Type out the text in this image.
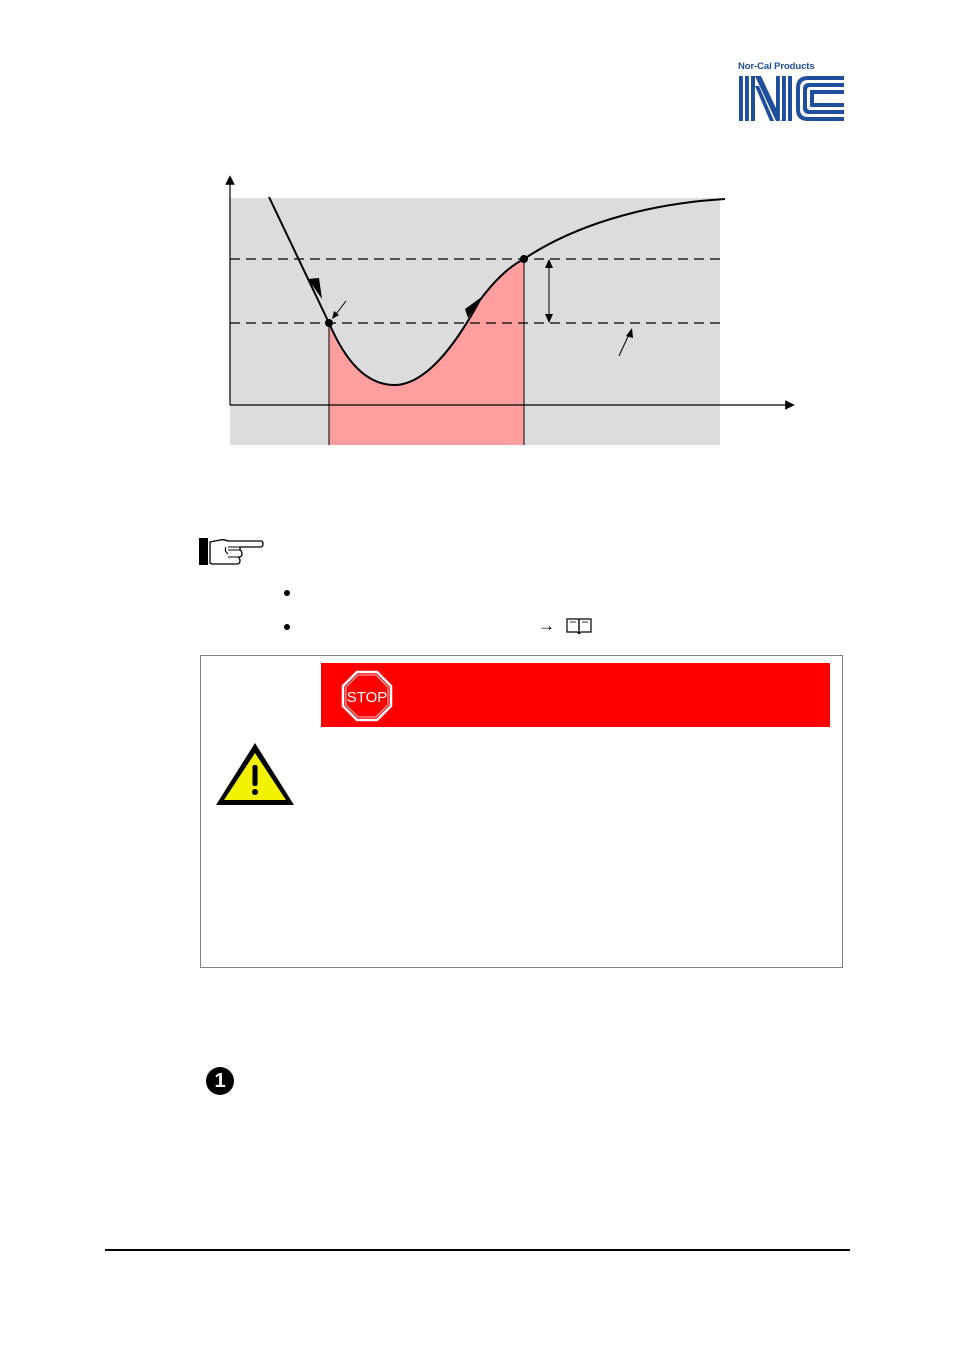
Nor-Cal Products
→
STOP
1
